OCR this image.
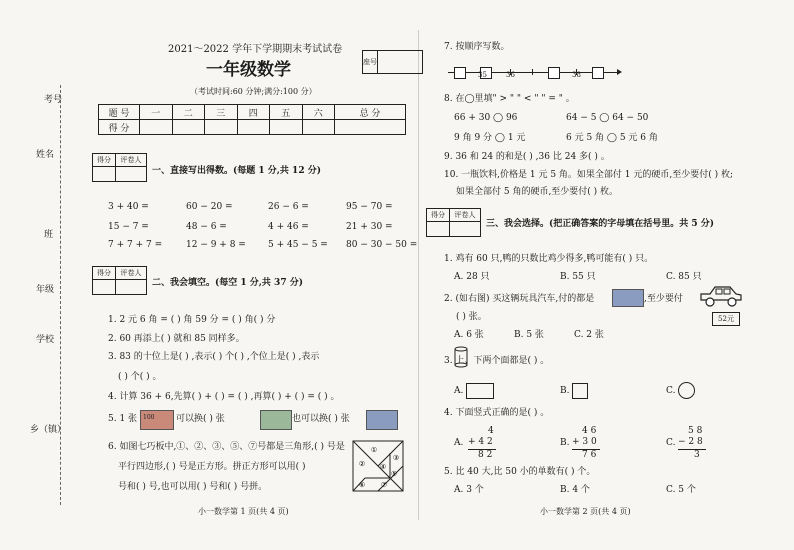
考号
姓名
班
年级
学校
乡（镇）
2021～2022 学年下学期期末考试试卷
一年级数学
（考试时间:60 分钟;满分:100 分）
座号	
题 号	一	二	三	四	五	六	总 分
得 分							
得分	评卷人

一、直接写出得数。(每题 1 分,共 12 分)
3 + 40 =	60 − 20 =	26 − 6 =	95 − 70 =
15 − 7 =	48 − 6 =	4 + 46 =	21 + 30 =
7 + 7 + 7 =	12 − 9 + 8 = 5 + 45 − 5 = 80 − 30 − 50 =
得分	评卷人

二、我会填空。(每空 1 分,共 37 分)
1. 2 元 6 角 = ( ) 角 59 分 = ( ) 角( ) 分
2. 60 再添上( ) 就和 85 同样多。
3. 83 的十位上是( ) ,表示( ) 个( ) ,个位上是( ) ,表示
( ) 个( ) 。
4. 计算 36 + 6,先算( ) + ( ) = ( ) ,再算( ) + ( ) = ( ) 。
5. 1 张 100 可以换( ) 张	也可以换( ) 张
6. 如图七巧板中,①、②、③、⑤、⑦号都是三角形,( ) 号是
平行四边形,( ) 号是正方形。拼正方形可以用( )
号和( ) 号,也可以用( ) 号和( ) 号拼。
①
②
③
④
⑤
⑥ ⑦
小一数学第 1 页(共 4 页)
7. 按顺序写数。
35	36	38
8. 在◯里填" > " " < " " = " 。
66 + 30 ◯ 96	64 − 5 ◯ 64 − 50
9 角 9 分 ◯ 1 元	6 元 5 角 ◯ 5 元 6 角
9. 36 和 24 的和是( ) ,36 比 24 多( ) 。
10. 一瓶饮料,价格是 1 元 5 角。如果全部付 1 元的硬币,至少要付( ) 枚;
如果全部付 5 角的硬币,至少要付( ) 枚。
得分	评卷人

三、我会选择。(把正确答案的字母填在括号里。共 5 分)
1. 鸡有 60 只,鸭的只数比鸡少得多,鸭可能有( ) 只。
A. 28 只	B. 55 只	C. 85 只
2. (如右图) 买这辆玩具汽车,付的都是	,至少要付
( ) 张。	52元
A. 6 张	B. 5 张	C. 2 张
3. 上、下两个面都是( ) 。
A.	B.	C.
4. 下面竖式正确的是( ) 。
A.
4
+ 4 2
8 2
B.
4 6
+ 3 0
7 6
C.
5 8
− 2 8
3
5. 比 40 大,比 50 小的单数有( ) 个。
A. 3 个	B. 4 个	C. 5 个
小一数学第 2 页(共 4 页)
